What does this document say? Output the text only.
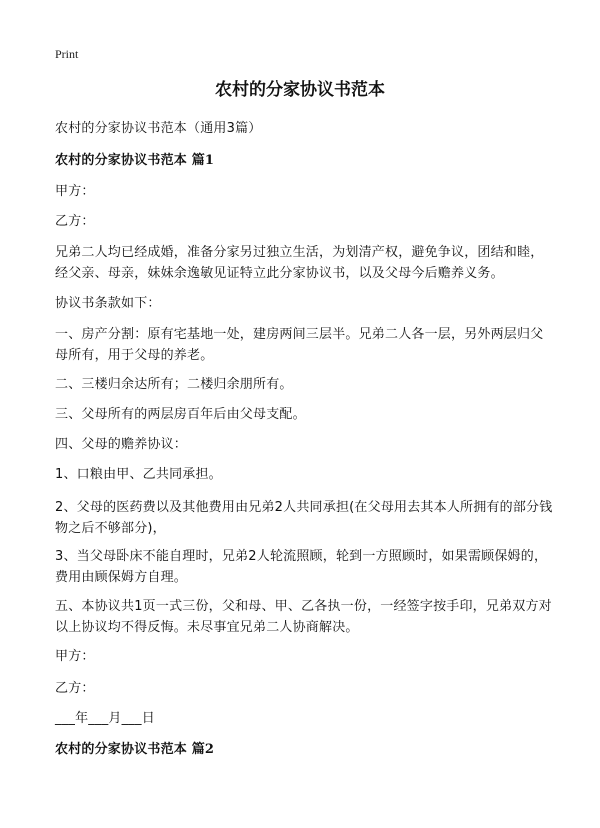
Print
农村的分家协议书范本

农村的分家协议书范本（通用3篇）

农村的分家协议书范本 篇1

甲方：

乙方：

兄弟二人均已经成婚，准备分家另过独立生活，为划清产权，避免争议，团结和睦，经父亲、母亲，妹妹余逸敏见证特立此分家协议书，以及父母今后赡养义务。

协议书条款如下：

一、房产分割：原有宅基地一处，建房两间三层半。兄弟二人各一层，另外两层归父母所有，用于父母的养老。

二、三楼归余达所有；二楼归余朋所有。

三、父母所有的两层房百年后由父母支配。

四、父母的赡养协议：

1、口粮由甲、乙共同承担。

2、父母的医药费以及其他费用由兄弟2人共同承担(在父母用去其本人所拥有的部分钱物之后不够部分)，

3、当父母卧床不能自理时，兄弟2人轮流照顾，轮到一方照顾时，如果需顾保姆的，费用由顾保姆方自理。

五、本协议共1页一式三份，父和母、甲、乙各执一份，一经签字按手印，兄弟双方对以上协议均不得反悔。未尽事宜兄弟二人协商解决。

甲方：

乙方：

___年___月___日

农村的分家协议书范本 篇2
